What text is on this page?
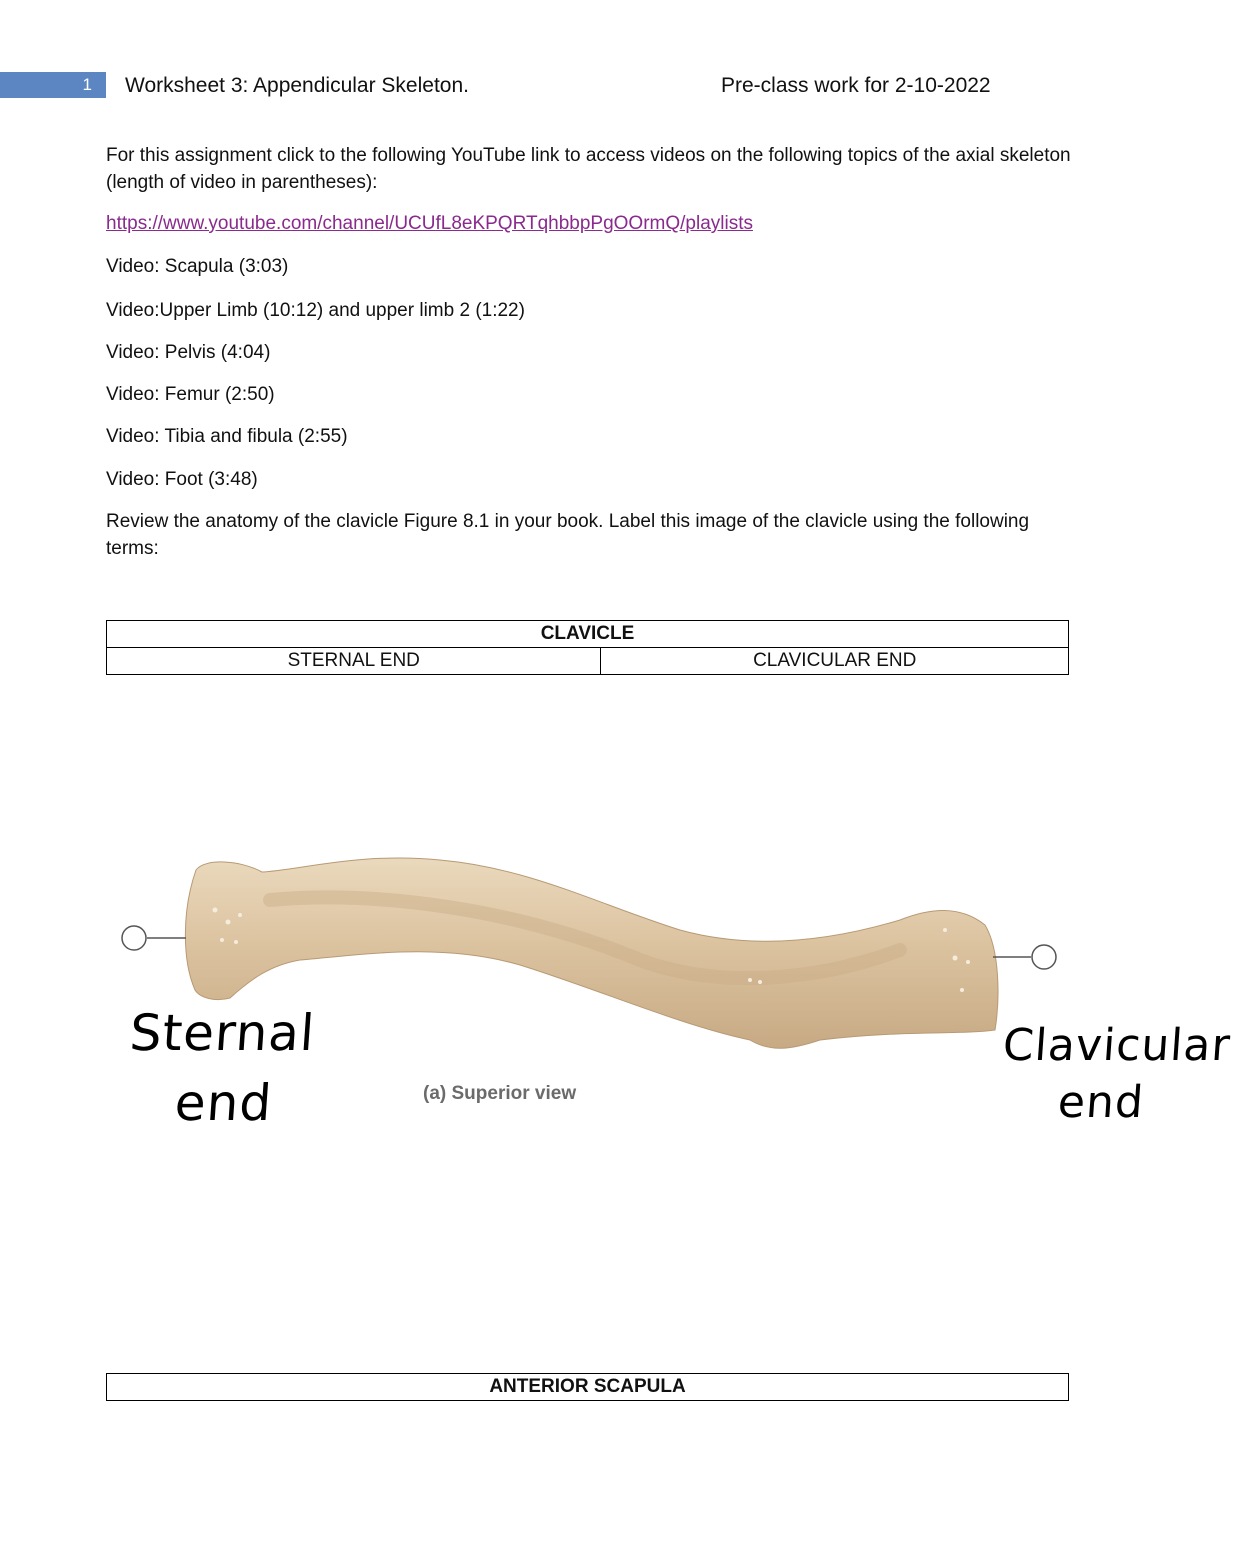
1	Worksheet 3: Appendicular Skeleton.	Pre-class work for 2-10-2022
For this assignment click to the following YouTube link to access videos on the following topics of the axial skeleton (length of video in parentheses):
https://www.youtube.com/channel/UCUfL8eKPQRTqhbbpPgOOrmQ/playlists
Video: Scapula (3:03)
Video:Upper Limb (10:12) and upper limb 2 (1:22)
Video: Pelvis (4:04)
Video: Femur (2:50)
Video: Tibia and fibula (2:55)
Video: Foot (3:48)
Review the anatomy of the clavicle Figure 8.1 in your book. Label this image of the clavicle using the following terms:
CLAVICLE
STERNAL END	CLAVICULAR END
(a) Superior view
Sternal
end
Clavicular
end
ANTERIOR SCAPULA
